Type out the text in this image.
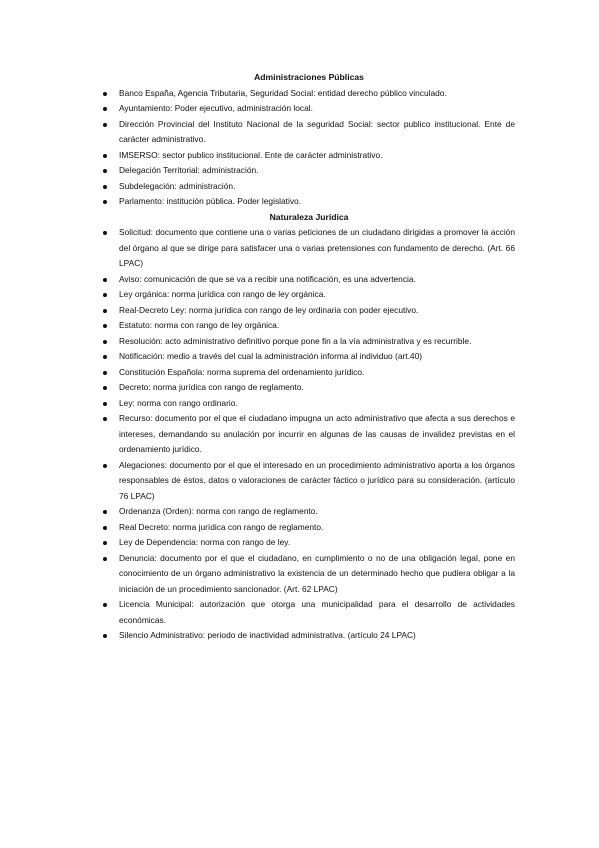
Administraciones Públicas
Banco España, Agencia Tributaria, Seguridad Social: entidad derecho público vinculado.
Ayuntamiento: Poder ejecutivo, administración local.
Dirección Provincial del Instituto Nacional de la seguridad Social: sector publico institucional. Ente de carácter administrativo.
IMSERSO: sector publico institucional. Ente de carácter administrativo.
Delegación Territorial: administración.
Subdelegación: administración.
Parlamento: institución pública. Poder legislativo.
Naturaleza Jurídica
Solicitud: documento que contiene una o varias peticiones de un ciudadano dirigidas a promover la acción del órgano al que se dirige para satisfacer una o varias pretensiones con fundamento de derecho. (Art. 66 LPAC)
Aviso: comunicación de que se va a recibir una notificación, es una advertencia.
Ley orgánica: norma jurídica con rango de ley orgánica.
Real-Decreto Ley: norma jurídica con rango de ley ordinaria con poder ejecutivo.
Estatuto: norma con rango de ley orgánica.
Resolución: acto administrativo definitivo porque pone fin a la vía administrativa y es recurrible.
Notificación: medio a través del cual la administración informa al individuo (art.40)
Constitución Española: norma suprema del ordenamiento jurídico.
Decreto: norma jurídica con rango de reglamento.
Ley: norma con rango ordinario.
Recurso: documento por el que el ciudadano impugna un acto administrativo que afecta a sus derechos e intereses, demandando su anulación por incurrir en algunas de las causas de invalidez previstas en el ordenamiento jurídico.
Alegaciones: documento por el que el interesado en un procedimiento administrativo aporta a los órganos responsables de éstos, datos o valoraciones de carácter fáctico o jurídico para su consideración. (artículo 76 LPAC)
Ordenanza (Orden): norma con rango de reglamento.
Real Decreto: norma jurídica con rango de reglamento.
Ley de Dependencia: norma con rango de ley.
Denuncia: documento por el que el ciudadano, en cumplimiento o no de una obligación legal, pone en conocimiento de un órgano administrativo la existencia de un determinado hecho que pudiera obligar a la iniciación de un procedimiento sancionador. (Art. 62 LPAC)
Licencia Municipal: autorización que otorga una municipalidad para el desarrollo de actividades económicas.
Silencio Administrativo: periodo de inactividad administrativa. (artículo 24 LPAC)
